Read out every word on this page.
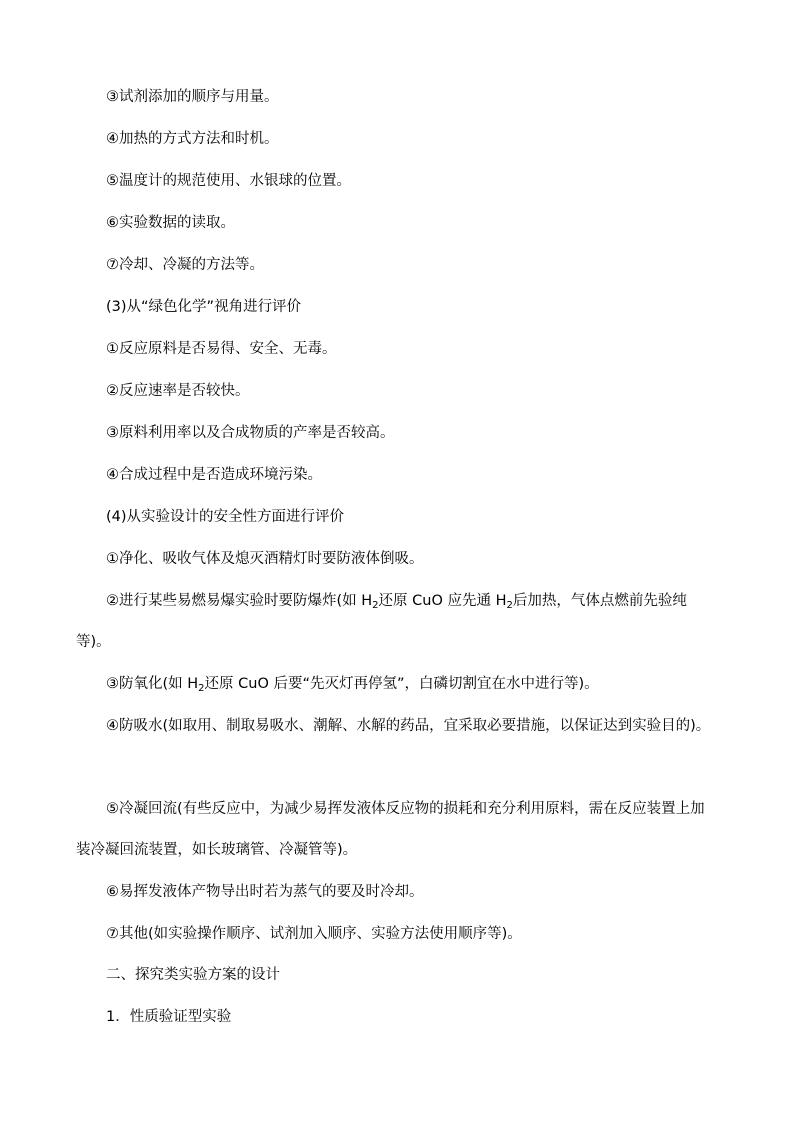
③试剂添加的顺序与用量。

④加热的方式方法和时机。

⑤温度计的规范使用、水银球的位置。

⑥实验数据的读取。

⑦冷却、冷凝的方法等。

(3)从“绿色化学”视角进行评价

①反应原料是否易得、安全、无毒。

②反应速率是否较快。

③原料利用率以及合成物质的产率是否较高。

④合成过程中是否造成环境污染。

(4)从实验设计的安全性方面进行评价

①净化、吸收气体及熄灭酒精灯时要防液体倒吸。

②进行某些易燃易爆实验时要防爆炸(如 $H_2$还原 CuO 应先通 $H_2$后加热，气体点燃前先验纯等)。

③防氧化(如 $H_2$还原 CuO 后要“先灭灯再停氢”，白磷切割宜在水中进行等)。

④防吸水(如取用、制取易吸水、潮解、水解的药品，宜采取必要措施，以保证达到实验目的)。

⑤冷凝回流(有些反应中，为减少易挥发液体反应物的损耗和充分利用原料，需在反应装置上加装冷凝回流装置，如长玻璃管、冷凝管等)。

⑥易挥发液体产物导出时若为蒸气的要及时冷却。

⑦其他(如实验操作顺序、试剂加入顺序、实验方法使用顺序等)。

二、探究类实验方案的设计

1．性质验证型实验
